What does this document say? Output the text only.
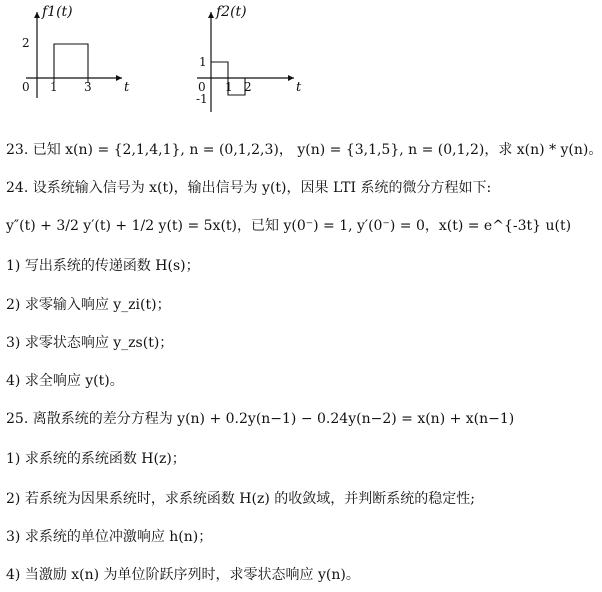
f1(t)
2
0 1 3 t
f2(t)
1
-1
0 1 2	t
23. 已知 x(n) = {2,1,4,1}, n = (0,1,2,3)， y(n) = {3,1,5}, n = (0,1,2)，求 x(n) * y(n)。
24. 设系统输入信号为 x(t)，输出信号为 y(t)，因果 LTI 系统的微分方程如下:
y″(t) + 3/2 y′(t) + 1/2 y(t) = 5x(t)，已知 y(0⁻) = 1, y′(0⁻) = 0，x(t) = e^{-3t} u(t)
1) 写出系统的传递函数 H(s)；
2) 求零输入响应 y_zi(t)；
3) 求零状态响应 y_zs(t)；
4) 求全响应 y(t)。
25. 离散系统的差分方程为 y(n) + 0.2y(n−1) − 0.24y(n−2) = x(n) + x(n−1)
1) 求系统的系统函数 H(z)；
2) 若系统为因果系统时，求系统函数 H(z) 的收敛域，并判断系统的稳定性;
3) 求系统的单位冲激响应 h(n)；
4) 当激励 x(n) 为单位阶跃序列时，求零状态响应 y(n)。
